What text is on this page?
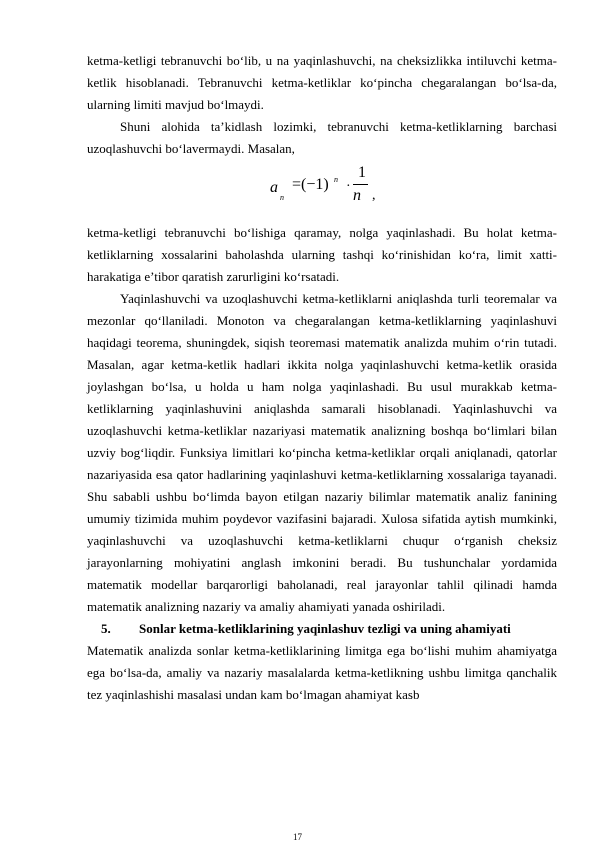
ketma-ketligi tebranuvchi bo‘lib, u na yaqinlashuvchi, na cheksizlikka intiluvchi ketma-ketlik hisoblanadi. Tebranuvchi ketma-ketliklar ko‘pincha chegaralangan bo‘lsa-da, ularning limiti mavjud bo‘lmaydi.

Shuni alohida ta’kidlash lozimki, tebranuvchi ketma-ketliklarning barchasi uzoqlashuvchi bo‘lavermaydi. Masalan,

a
n
=(−1) n ·
1
n ,

ketma-ketligi tebranuvchi bo‘lishiga qaramay, nolga yaqinlashadi. Bu holat ketma-ketliklarning xossalarini baholashda ularning tashqi ko‘rinishidan ko‘ra, limit xatti-harakatiga e’tibor qaratish zarurligini ko‘rsatadi.

Yaqinlashuvchi va uzoqlashuvchi ketma-ketliklarni aniqlashda turli teoremalar va mezonlar qo‘llaniladi. Monoton va chegaralangan ketma-ketliklarning yaqinlashuvi haqidagi teorema, shuningdek, siqish teoremasi matematik analizda muhim o‘rin tutadi. Masalan, agar ketma-ketlik hadlari ikkita nolga yaqinlashuvchi ketma-ketlik orasida joylashgan bo‘lsa, u holda u ham nolga yaqinlashadi. Bu usul murakkab ketma-ketliklarning yaqinlashuvini aniqlashda samarali hisoblanadi. Yaqinlashuvchi va uzoqlashuvchi ketma-ketliklar nazariyasi matematik analizning boshqa bo‘limlari bilan uzviy bog‘liqdir. Funksiya limitlari ko‘pincha ketma-ketliklar orqali aniqlanadi, qatorlar nazariyasida esa qator hadlarining yaqinlashuvi ketma-ketliklarning xossalariga tayanadi. Shu sababli ushbu bo‘limda bayon etilgan nazariy bilimlar matematik analiz fanining umumiy tizimida muhim poydevor vazifasini bajaradi. Xulosa sifatida aytish mumkinki, yaqinlashuvchi va uzoqlashuvchi ketma-ketliklarni chuqur o‘rganish cheksiz jarayonlarning mohiyatini anglash imkonini beradi. Bu tushunchalar yordamida matematik modellar barqarorligi baholanadi, real jarayonlar tahlil qilinadi hamda matematik analizning nazariy va amaliy ahamiyati yanada oshiriladi.

5.	Sonlar ketma-ketliklarining yaqinlashuv tezligi va uning ahamiyati

Matematik analizda sonlar ketma-ketliklarining limitga ega bo‘lishi muhim ahamiyatga ega bo‘lsa-da, amaliy va nazariy masalalarda ketma-ketlikning ushbu limitga qanchalik tez yaqinlashishi masalasi undan kam bo‘lmagan ahamiyat kasb

17
